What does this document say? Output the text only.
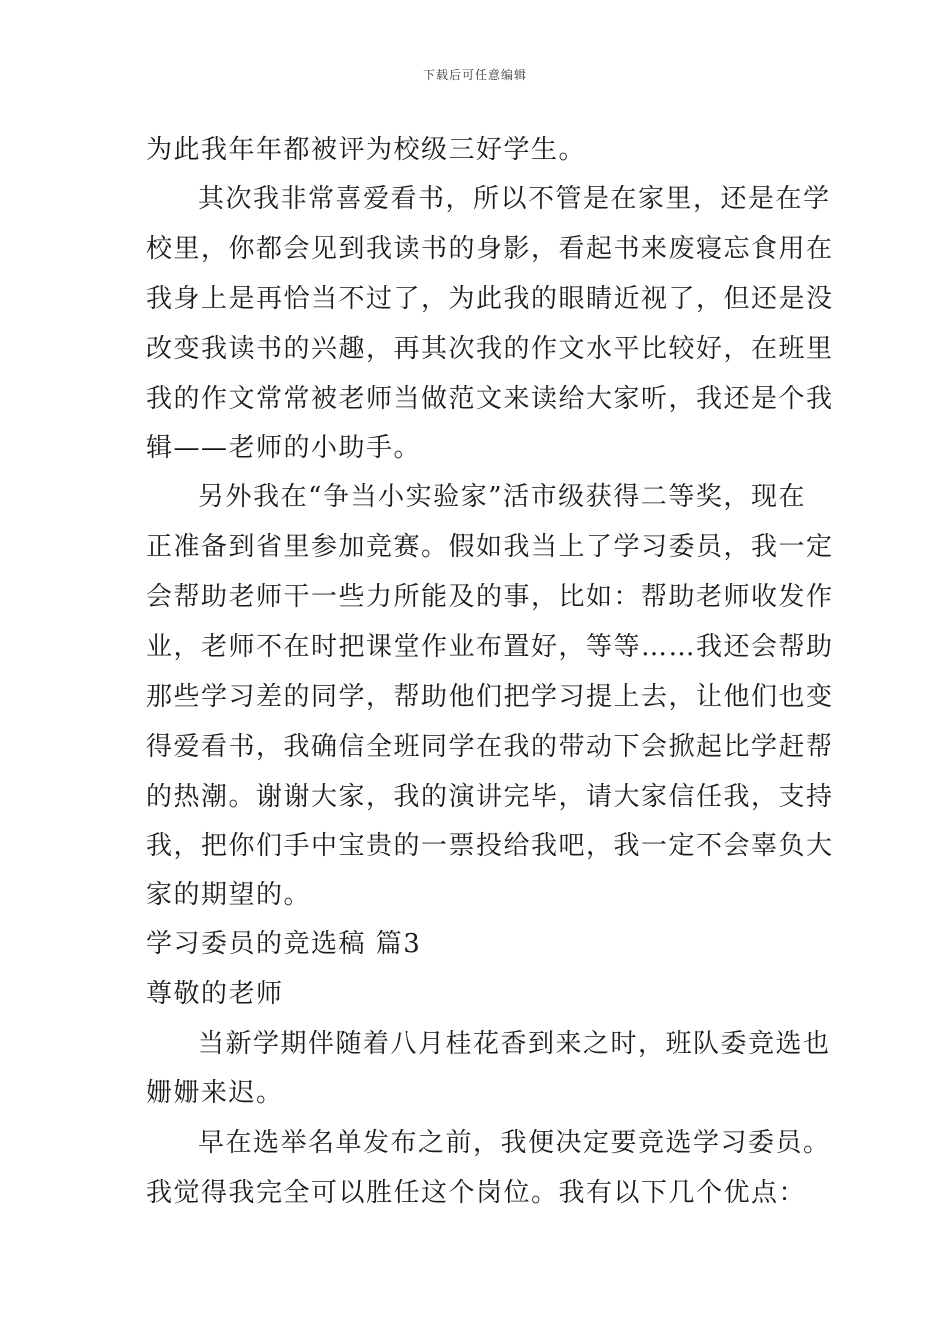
下载后可任意编辑
为此我年年都被评为校级三好学生。
其次我非常喜爱看书，所以不管是在家里，还是在学
校里，你都会见到我读书的身影，看起书来废寝忘食用在
我身上是再恰当不过了，为此我的眼睛近视了，但还是没
改变我读书的兴趣，再其次我的作文水平比较好，在班里
我的作文常常被老师当做范文来读给大家听，我还是个我
辑——老师的小助手。
另外我在“争当小实验家”活市级获得二等奖，现在
正准备到省里参加竞赛。假如我当上了学习委员，我一定
会帮助老师干一些力所能及的事，比如：帮助老师收发作
业，老师不在时把课堂作业布置好，等等……我还会帮助
那些学习差的同学，帮助他们把学习提上去，让他们也变
得爱看书，我确信全班同学在我的带动下会掀起比学赶帮
的热潮。谢谢大家，我的演讲完毕，请大家信任我，支持
我，把你们手中宝贵的一票投给我吧，我一定不会辜负大
家的期望的。
学习委员的竞选稿 篇3
尊敬的老师
当新学期伴随着八月桂花香到来之时，班队委竞选也
姗姗来迟。
早在选举名单发布之前，我便决定要竞选学习委员。
我觉得我完全可以胜任这个岗位。我有以下几个优点：
